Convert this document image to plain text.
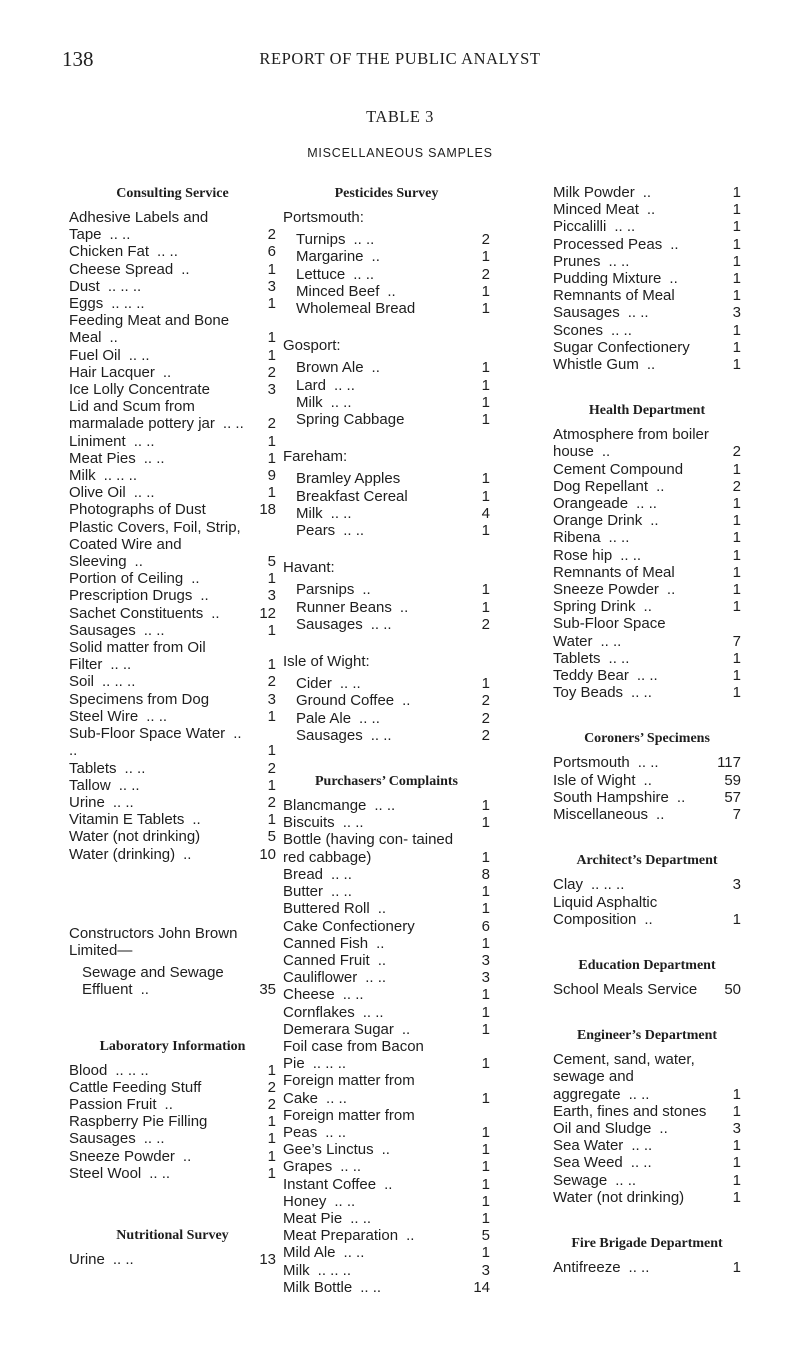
138	REPORT OF THE PUBLIC ANALYST
TABLE 3
MISCELLANEOUS SAMPLES
Consulting Service
Adhesive Labels and Tape .. ..	2
Chicken Fat .. ..	6
Cheese Spread ..	1
Dust .. .. ..	3
Eggs .. .. ..	1
Feeding Meat and Bone Meal ..	1
Fuel Oil .. ..	1
Hair Lacquer ..	2
Ice Lolly Concentrate	3
Lid and Scum from marmalade pottery jar .. ..	2
Liniment .. ..	1
Meat Pies .. ..	1
Milk .. .. ..	9
Olive Oil .. ..	1
Photographs of Dust	18
Plastic Covers, Foil, Strip, Coated Wire and Sleeving ..	5
Portion of Ceiling ..	1
Prescription Drugs ..	3
Sachet Constituents ..	12
Sausages .. ..	1
Solid matter from Oil Filter .. ..	1
Soil .. .. ..	2
Specimens from Dog	3
Steel Wire .. ..	1
Sub-Floor Space Water .. ..	1
Tablets .. ..	2
Tallow .. ..	1
Urine .. ..	2
Vitamin E Tablets ..	1
Water (not drinking)	5
Water (drinking) ..	10
Constructors John Brown Limited—
Sewage and Sewage Effluent ..	35
Laboratory Information
Blood .. .. ..	1
Cattle Feeding Stuff	2
Passion Fruit ..	2
Raspberry Pie Filling	1
Sausages .. ..	1
Sneeze Powder ..	1
Steel Wool .. ..	1
Nutritional Survey
Urine .. ..	13
Pesticides Survey
Portsmouth:
Turnips .. ..	2
Margarine ..	1
Lettuce .. ..	2
Minced Beef ..	1
Wholemeal Bread	1
Gosport:
Brown Ale ..	1
Lard .. ..	1
Milk .. ..	1
Spring Cabbage	1
Fareham:
Bramley Apples	1
Breakfast Cereal	1
Milk .. ..	4
Pears .. ..	1
Havant:
Parsnips ..	1
Runner Beans ..	1
Sausages .. ..	2
Isle of Wight:
Cider .. ..	1
Ground Coffee ..	2
Pale Ale .. ..	2
Sausages .. ..	2
Purchasers’ Complaints
Blancmange .. ..	1
Biscuits .. ..	1
Bottle (having con- tained red cabbage)	1
Bread .. ..	8
Butter .. ..	1
Buttered Roll ..	1
Cake Confectionery	6
Canned Fish ..	1
Canned Fruit ..	3
Cauliflower .. ..	3
Cheese .. ..	1
Cornflakes .. ..	1
Demerara Sugar ..	1
Foil case from Bacon Pie .. .. ..	1
Foreign matter from Cake .. ..	1
Foreign matter from Peas .. ..	1
Gee’s Linctus ..	1
Grapes .. ..	1
Instant Coffee ..	1
Honey .. ..	1
Meat Pie .. ..	1
Meat Preparation ..	5
Mild Ale .. ..	1
Milk .. .. ..	3
Milk Bottle .. ..	14
Milk Powder ..	1
Minced Meat ..	1
Piccalilli .. ..	1
Processed Peas ..	1
Prunes .. ..	1
Pudding Mixture ..	1
Remnants of Meal	1
Sausages .. ..	3
Scones .. ..	1
Sugar Confectionery	1
Whistle Gum ..	1
Health Department
Atmosphere from boiler house ..	2
Cement Compound	1
Dog Repellant ..	2
Orangeade .. ..	1
Orange Drink ..	1
Ribena .. ..	1
Rose hip .. ..	1
Remnants of Meal	1
Sneeze Powder ..	1
Spring Drink ..	1
Sub-Floor Space Water .. ..	7
Tablets .. ..	1
Teddy Bear .. ..	1
Toy Beads .. ..	1
Coroners’ Specimens
Portsmouth .. ..	117
Isle of Wight ..	59
South Hampshire ..	57
Miscellaneous ..	7
Architect’s Department
Clay .. .. ..	3
Liquid Asphaltic Composition ..	1
Education Department
School Meals Service	50
Engineer’s Department
Cement, sand, water, sewage and aggregate .. ..	1
Earth, fines and stones	1
Oil and Sludge ..	3
Sea Water .. ..	1
Sea Weed .. ..	1
Sewage .. ..	1
Water (not drinking)	1
Fire Brigade Department
Antifreeze .. ..	1
